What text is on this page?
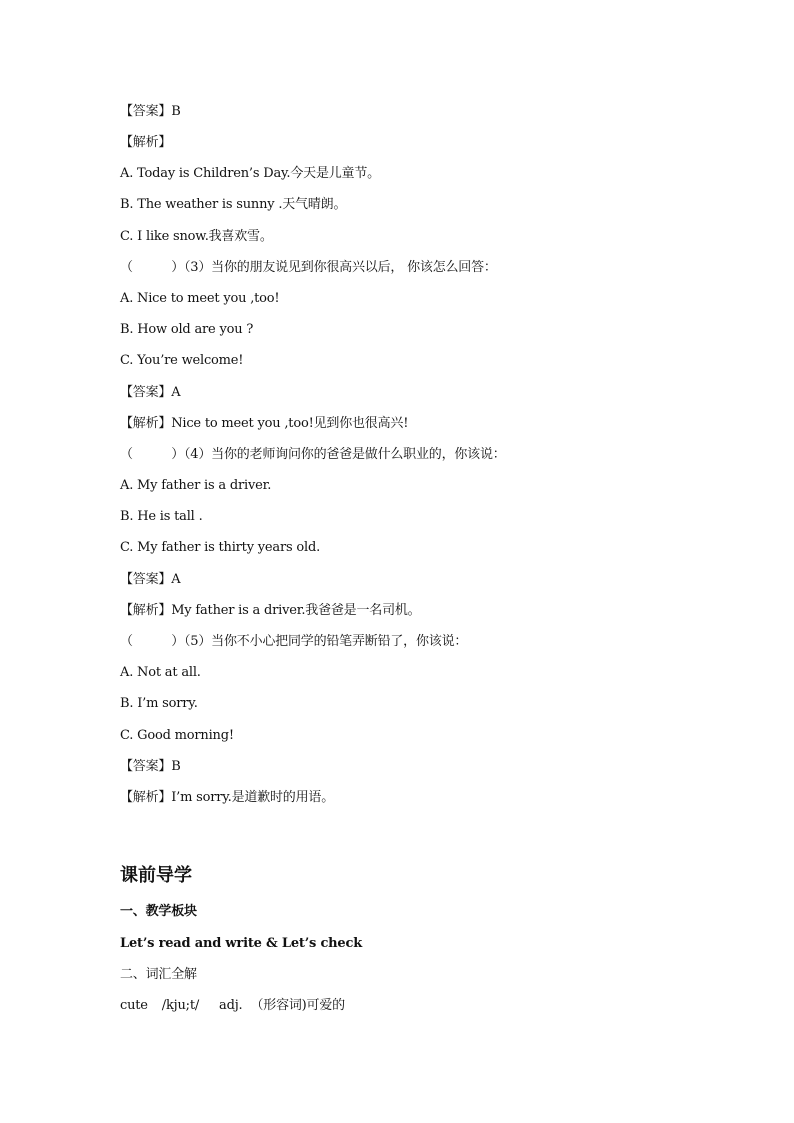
【答案】B
【解析】
A. Today is Children’s Day.今天是儿童节。
B. The weather is sunny .天气晴朗。
C. I like snow.我喜欢雪。
（　　　）（3）当你的朋友说见到你很高兴以后， 你该怎么回答：
A. Nice to meet you ,too!
B. How old are you ?
C. You’re welcome!
【答案】A
【解析】Nice to meet you ,too!见到你也很高兴!
（　　　）（4）当你的老师询问你的爸爸是做什么职业的，你该说：
A. My father is a driver.
B. He is tall .
C. My father is thirty years old.
【答案】A
【解析】My father is a driver.我爸爸是一名司机。
（　　　）（5）当你不小心把同学的铅笔弄断铅了，你该说：
A. Not at all.
B. I’m sorry.
C. Good morning!
【答案】B
【解析】I’m sorry.是道歉时的用语。
课前导学
一、教学板块
Let’s read and write & Let’s check
二、词汇全解
cute /kju;t/ adj. （形容词)可爱的
